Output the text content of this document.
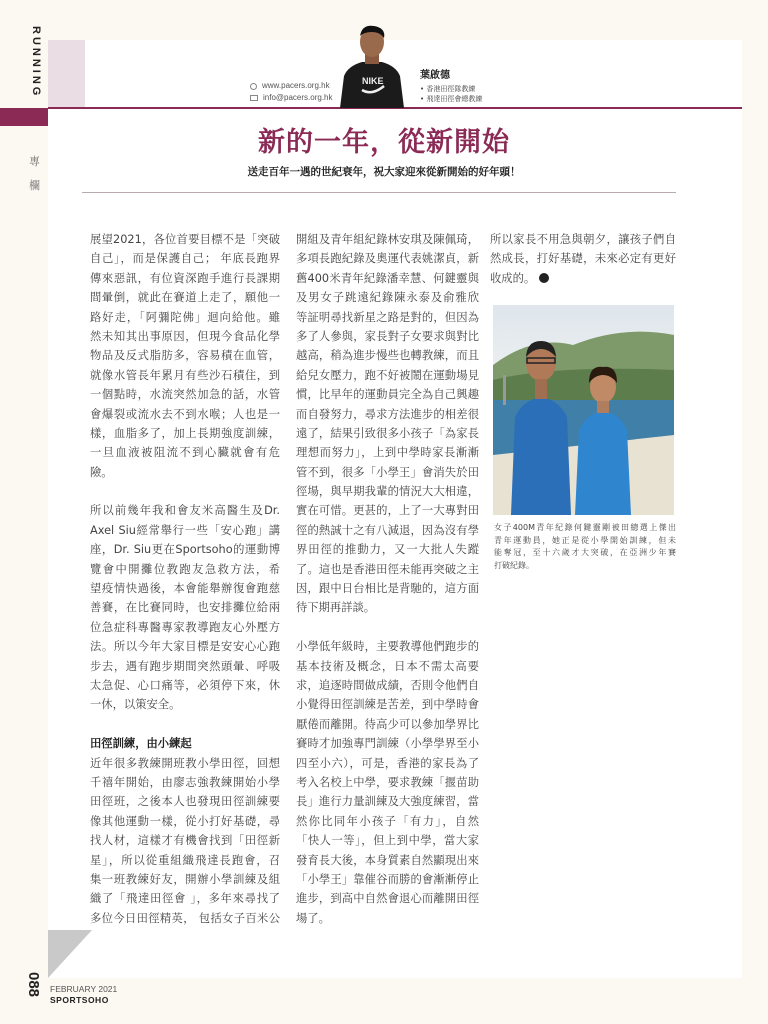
RUNNING
專欄
www.pacers.org.hk
info@pacers.org.hk
NIKE	葉啟德
• 香港田徑隊教練
• 飛達田徑會總教練
新的一年，從新開始
送走百年一遇的世紀衰年，祝大家迎來從新開始的好年頭！
展望2021，各位首要目標不是「突破
自己」，而是保護自己； 年底長跑界
傳來惡訊，有位資深跑手進行長課期
間暈倒，就此在賽道上走了，願他一
路好走，「阿彌陀佛」迴向給他。雖
然未知其出事原因，但現今食品化學
物品及反式脂肪多，容易積在血管，
就像水管長年累月有些沙石積住，到
一個點時，水流突然加急的話，水管
會爆裂或流水去不到水喉；人也是一
樣，血脂多了，加上長期強度訓練，
一旦血液被阻流不到心臟就會有危
險。
所以前幾年我和會友米高醫生及Dr.
Axel Siu經常舉行一些「安心跑」講
座，Dr. Siu更在Sportsoho的運動博
覽會中開攤位教跑友急救方法，希
望疫情快過後，本會能舉辦復會跑慈
善賽，在比賽同時，也安排攤位給兩
位急症科專醫專家教導跑友心外壓方
法。所以今年大家目標是安安心心跑
步去，遇有跑步期間突然頭暈、呼吸
太急促、心口痛等，必須停下來，休
一休，以策安全。
田徑訓練，由小練起
近年很多教練開班教小學田徑，回想
千禧年開始，由廖志強教練開始小學
田徑班，之後本人也發現田徑訓練要
像其他運動一樣，從小打好基礎，尋
找人材，這樣才有機會找到「田徑新
星」，所以從重組織飛達長跑會，召
集一班教練好友，開辦小學訓練及組
織了「飛達田徑會 」，多年來尋找了
多位今日田徑精英， 包括女子百米公
開組及青年組紀錄林安琪及陳佩琦，
多項長跑紀錄及奧運代表姚潔貞，新
舊400米青年紀錄潘幸慧、何鍵靈與
及男女子跳遠紀錄陳永泰及俞雅欣
等証明尋找新星之路是對的，但因為
多了人參與，家長對子女要求與對比
越高，稍為進步慢些也轉教練，而且
給兒女壓力，跑不好被鬧在運動場見
慣，比早年的運動員完全為自己興趣
而自發努力，尋求方法進步的相差很
遠了，結果引致很多小孩子「為家長
理想而努力」，上到中學時家長漸漸
管不到，很多「小學王」會消失於田
徑場，與早期我輩的情況大大相違，
實在可惜。更甚的，上了一大專對田
徑的熱誠十之有八減退，因為沒有學
界田徑的推動力，又一大批人失蹤
了。這也是香港田徑未能再突破之主
因，跟中日台相比是背馳的，這方面
待下期再詳談。
小學低年級時，主要教導他們跑步的
基本技術及概念，日本不需太高要
求，追逐時間做成績，否則令他們自
小覺得田徑訓練是苦差，到中學時會
厭倦而離開。待高少可以參加學界比
賽時才加強專門訓練（小學學界至小
四至小六），可是，香港的家長為了
考入名校上中學，要求教練「揠苗助
長」進行力量訓練及大強度練習，當
然你比同年小孩子「有力」，自然
「快人一等」，但上到中學，當大家
發育長大後，本身質素自然顯現出來
「小學王」靠催谷而勝的會漸漸停止
進步，到高中自然會退心而離開田徑
場了。
所以家長不用急與朝夕，讓孩子們自
然成長，打好基礎，未來必定有更好
收成的。
女子400M青年紀錄何鍵靈剛被田總選上傑出
青年運動員，她正是從小學開始訓練，但未
能奪冠，至十六歲才大突破，在亞洲少年賽
打破紀錄。
088 FEBRUARY 2021
SPORTSOHO
